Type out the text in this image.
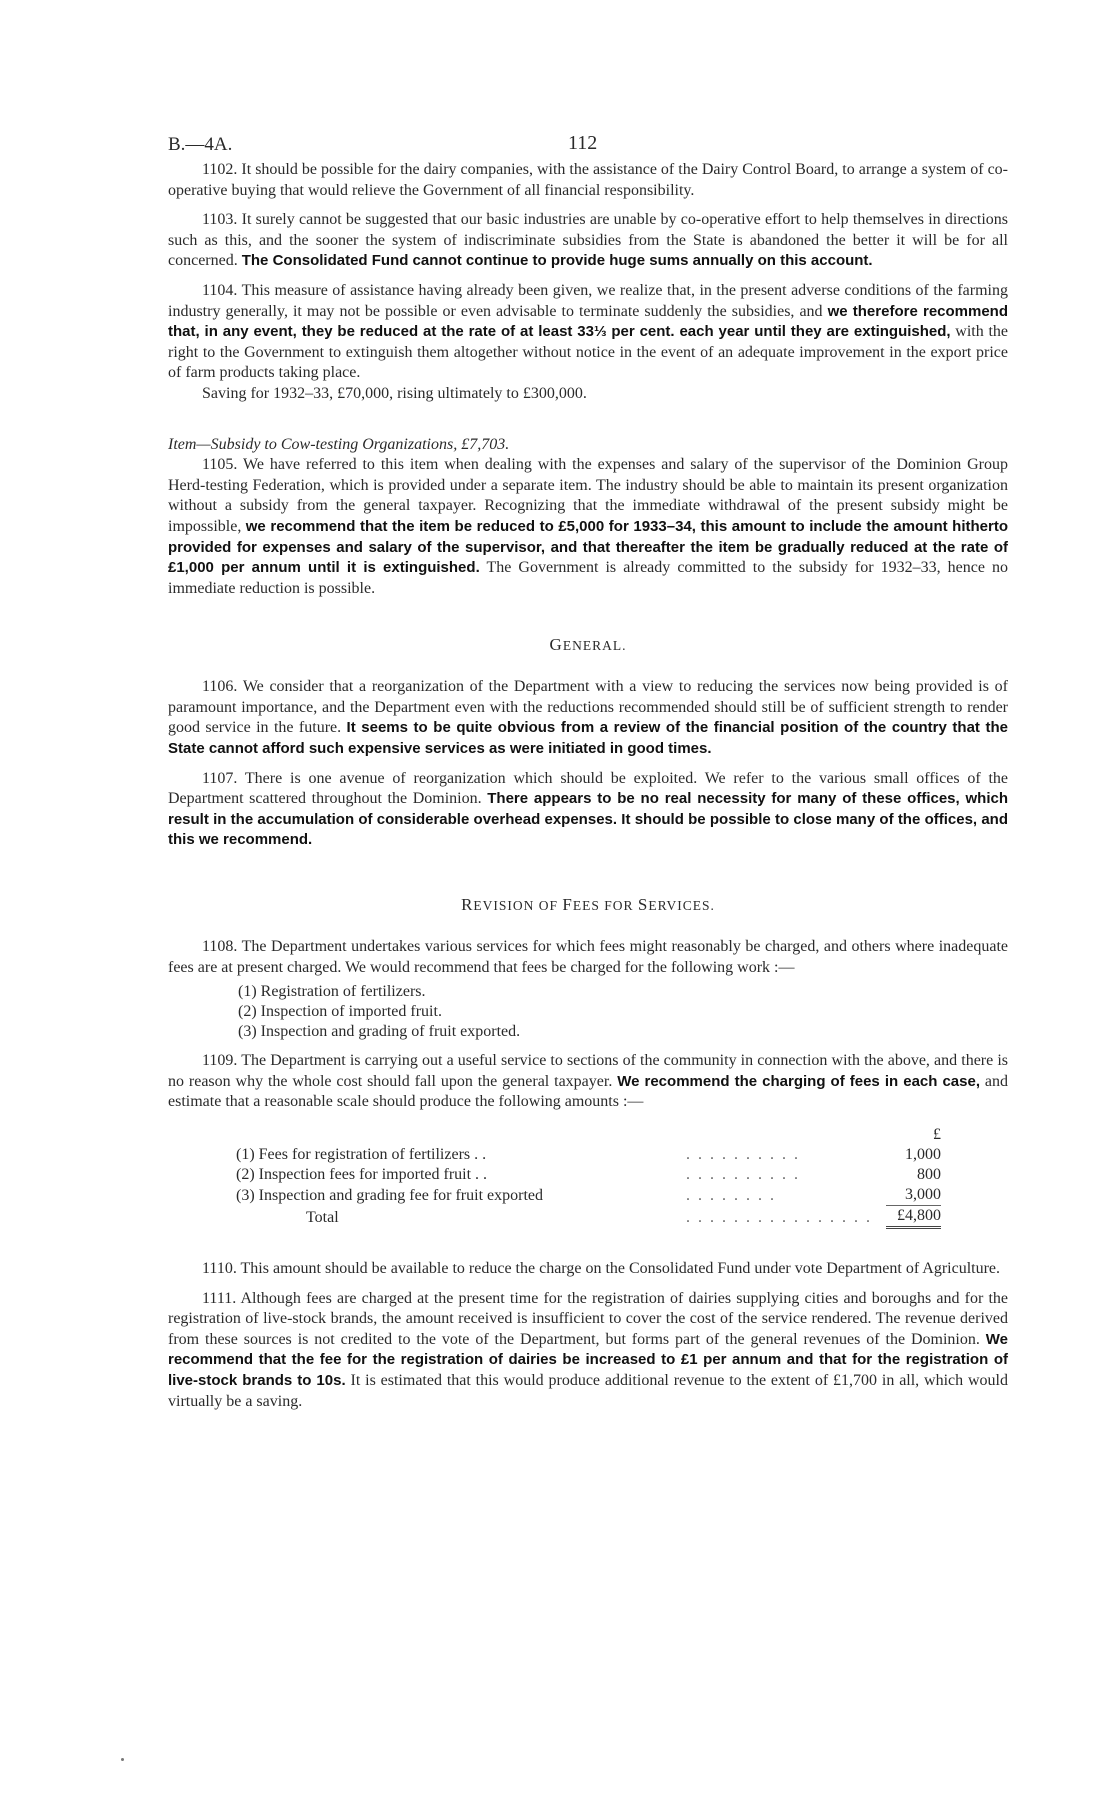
B.—4A.	112

1102. It should be possible for the dairy companies, with the assistance of the Dairy Control Board, to arrange a system of co-operative buying that would relieve the Government of all financial responsibility.

1103. It surely cannot be suggested that our basic industries are unable by co-operative effort to help themselves in directions such as this, and the sooner the system of indiscriminate subsidies from the State is abandoned the better it will be for all concerned. The Consolidated Fund cannot continue to provide huge sums annually on this account.

1104. This measure of assistance having already been given, we realize that, in the present adverse conditions of the farming industry generally, it may not be possible or even advisable to terminate suddenly the subsidies, and we therefore recommend that, in any event, they be reduced at the rate of at least 33⅓ per cent. each year until they are extinguished, with the right to the Government to extinguish them altogether without notice in the event of an adequate improvement in the export price of farm products taking place.

Saving for 1932–33, £70,000, rising ultimately to £300,000.

Item—Subsidy to Cow-testing Organizations, £7,703.

1105. We have referred to this item when dealing with the expenses and salary of the supervisor of the Dominion Group Herd-testing Federation, which is provided under a separate item. The industry should be able to maintain its present organization without a subsidy from the general taxpayer. Recognizing that the immediate withdrawal of the present subsidy might be impossible, we recommend that the item be reduced to £5,000 for 1933–34, this amount to include the amount hitherto provided for expenses and salary of the supervisor, and that thereafter the item be gradually reduced at the rate of £1,000 per annum until it is extinguished. The Government is already committed to the subsidy for 1932–33, hence no immediate reduction is possible.

GENERAL.

1106. We consider that a reorganization of the Department with a view to reducing the services now being provided is of paramount importance, and the Department even with the reductions recommended should still be of sufficient strength to render good service in the future. It seems to be quite obvious from a review of the financial position of the country that the State cannot afford such expensive services as were initiated in good times.

1107. There is one avenue of reorganization which should be exploited. We refer to the various small offices of the Department scattered throughout the Dominion. There appears to be no real necessity for many of these offices, which result in the accumulation of considerable overhead expenses. It should be possible to close many of the offices, and this we recommend.

REVISION OF FEES FOR SERVICES.

1108. The Department undertakes various services for which fees might reasonably be charged, and others where inadequate fees are at present charged. We would recommend that fees be charged for the following work :—

(1) Registration of fertilizers.
(2) Inspection of imported fruit.
(3) Inspection and grading of fruit exported.

1109. The Department is carrying out a useful service to sections of the community in connection with the above, and there is no reason why the whole cost should fall upon the general taxpayer. We recommend the charging of fees in each case, and estimate that a reasonable scale should produce the following amounts :—

		£
(1) Fees for registration of fertilizers . .	. . . . . . . . . .	1,000
(2) Inspection fees for imported fruit . .	. . . . . . . . . .	800
(3) Inspection and grading fee for fruit exported	. . . . . . . .	3,000
Total	. . . . . . . . . . . . . . . .	£4,800

1110. This amount should be available to reduce the charge on the Consolidated Fund under vote Department of Agriculture.

1111. Although fees are charged at the present time for the registration of dairies supplying cities and boroughs and for the registration of live-stock brands, the amount received is insufficient to cover the cost of the service rendered. The revenue derived from these sources is not credited to the vote of the Department, but forms part of the general revenues of the Dominion. We recommend that the fee for the registration of dairies be increased to £1 per annum and that for the registration of live-stock brands to 10s. It is estimated that this would produce additional revenue to the extent of £1,700 in all, which would virtually be a saving.
